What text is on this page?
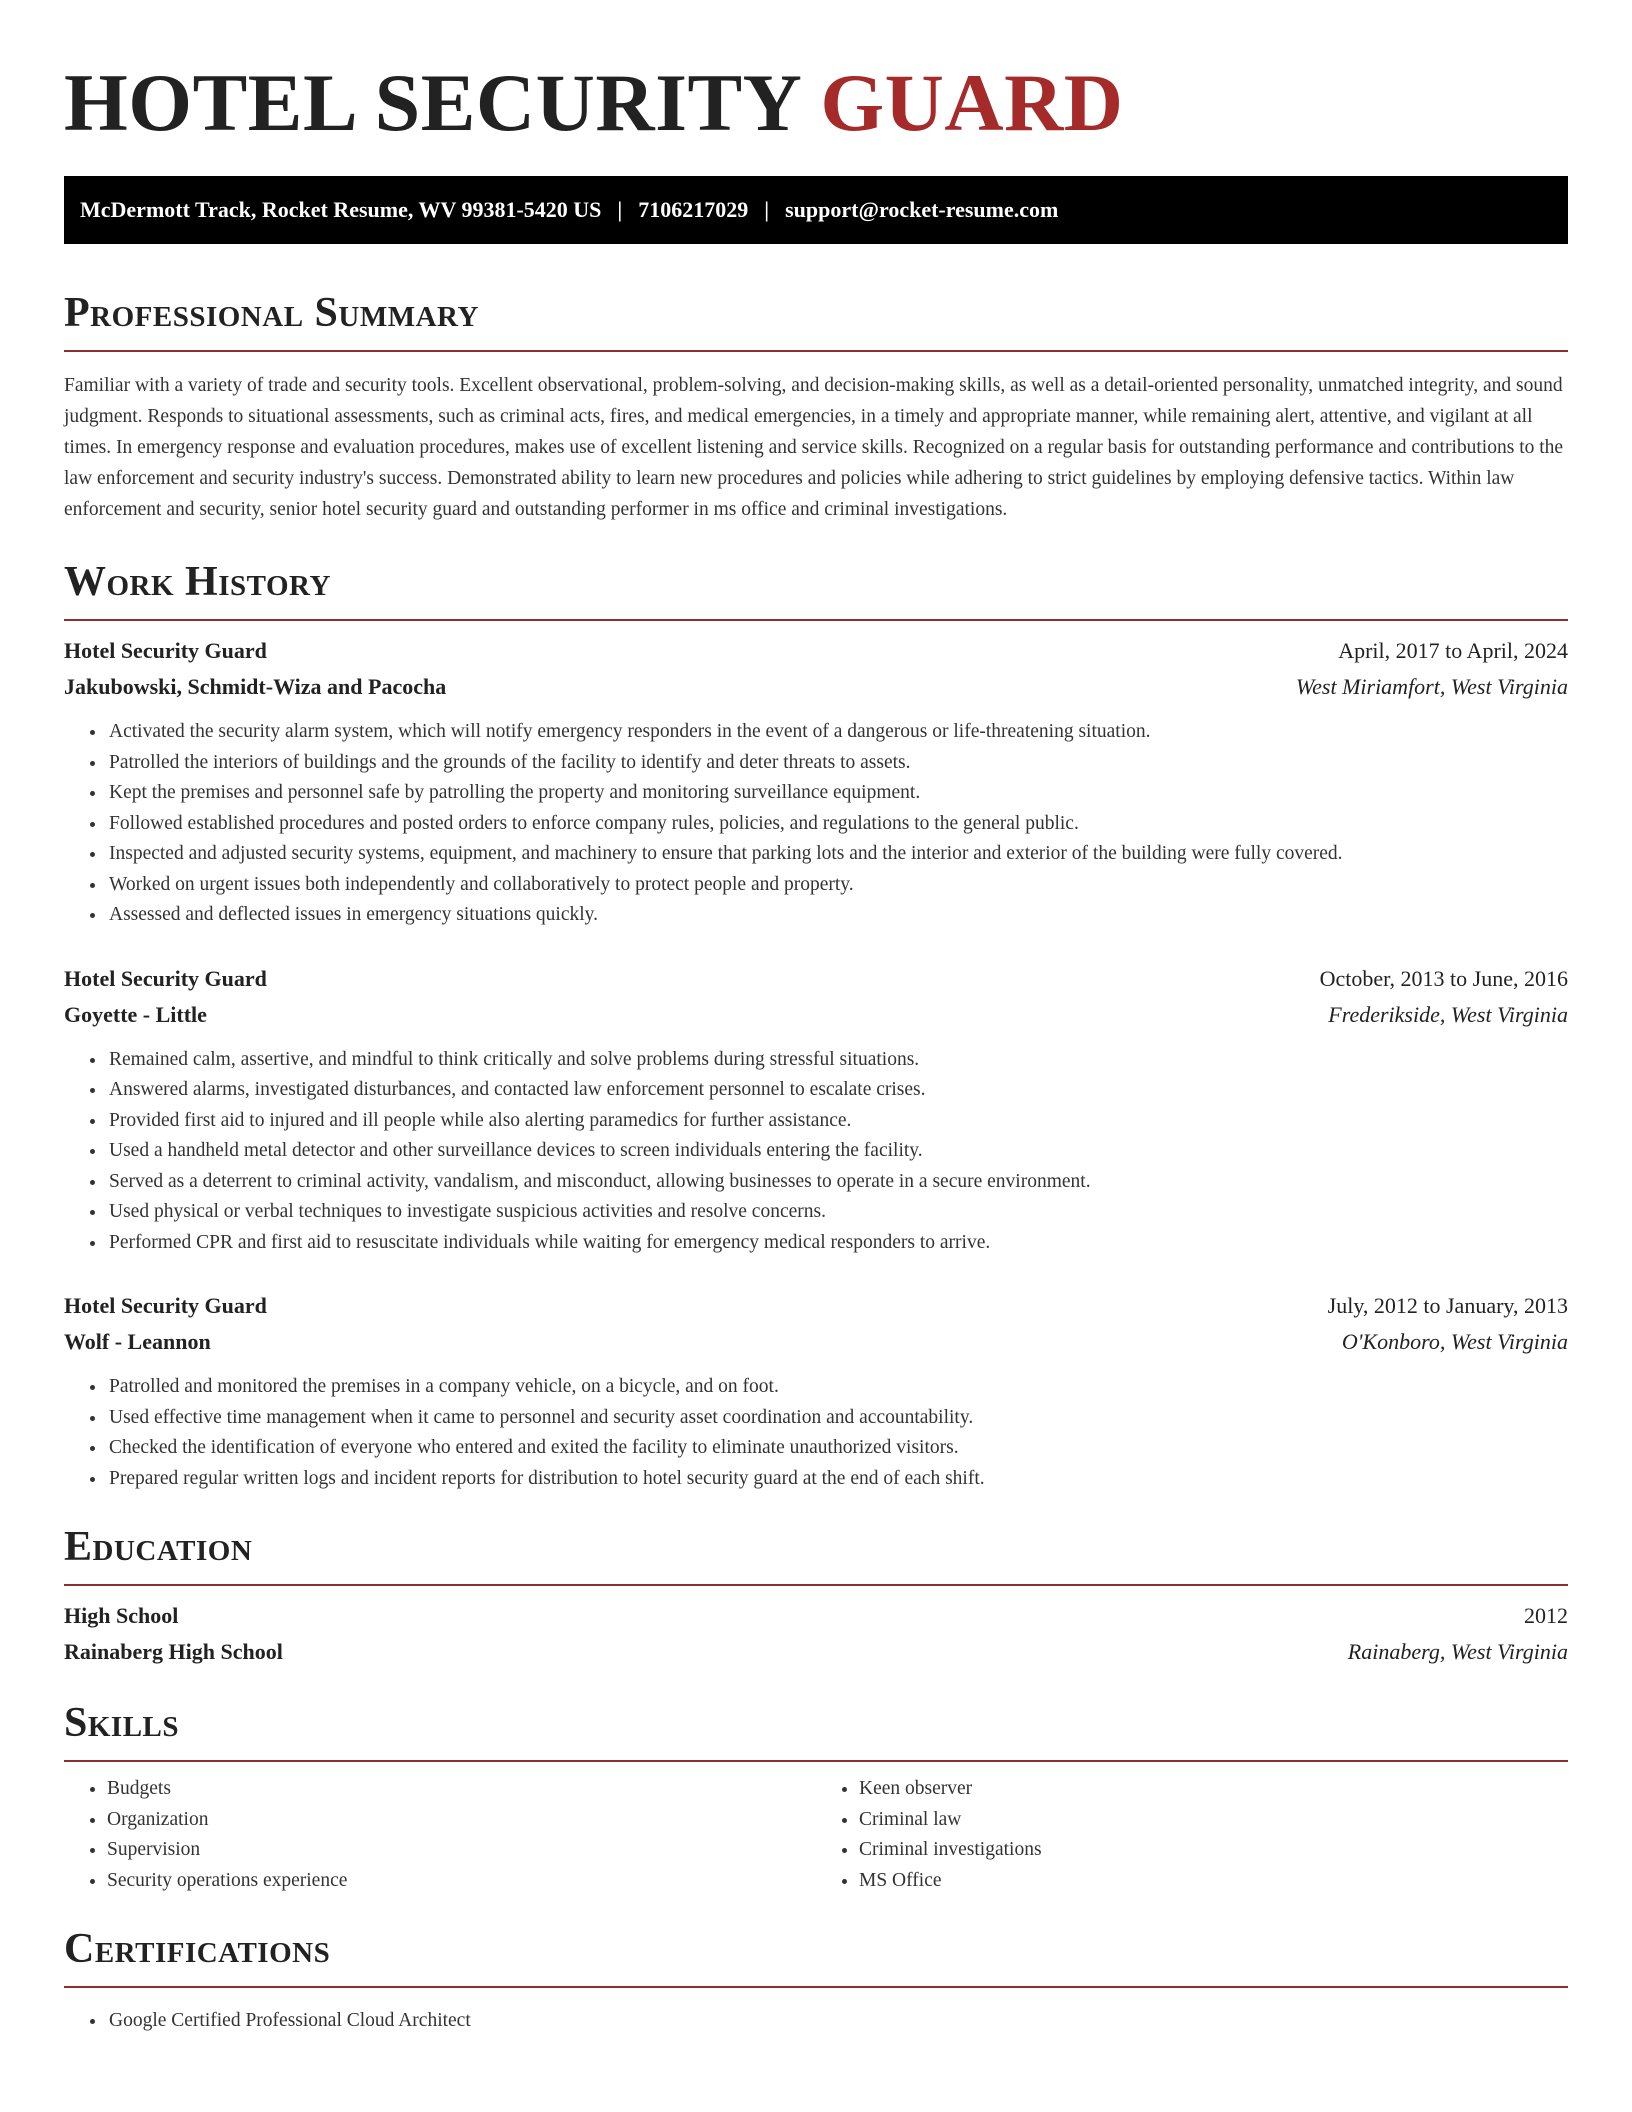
HOTEL SECURITY GUARD
McDermott Track, Rocket Resume, WV 99381-5420 US | 7106217029 | support@rocket-resume.com
Professional Summary

Familiar with a variety of trade and security tools. Excellent observational, problem-solving, and decision-making skills, as well as a detail-oriented personality, unmatched integrity, and sound judgment. Responds to situational assessments, such as criminal acts, fires, and medical emergencies, in a timely and appropriate manner, while remaining alert, attentive, and vigilant at all times. In emergency response and evaluation procedures, makes use of excellent listening and service skills. Recognized on a regular basis for outstanding performance and contributions to the law enforcement and security industry's success. Demonstrated ability to learn new procedures and policies while adhering to strict guidelines by employing defensive tactics. Within law enforcement and security, senior hotel security guard and outstanding performer in ms office and criminal investigations.

Work History
Hotel Security Guard	April, 2017 to April, 2024
Jakubowski, Schmidt-Wiza and Pacocha	West Miriamfort, West Virginia
• Activated the security alarm system, which will notify emergency responders in the event of a dangerous or life-threatening situation.
• Patrolled the interiors of buildings and the grounds of the facility to identify and deter threats to assets.
• Kept the premises and personnel safe by patrolling the property and monitoring surveillance equipment.
• Followed established procedures and posted orders to enforce company rules, policies, and regulations to the general public.
• Inspected and adjusted security systems, equipment, and machinery to ensure that parking lots and the interior and exterior of the building were fully covered.
• Worked on urgent issues both independently and collaboratively to protect people and property.
• Assessed and deflected issues in emergency situations quickly.
Hotel Security Guard	October, 2013 to June, 2016
Goyette - Little	Frederikside, West Virginia
• Remained calm, assertive, and mindful to think critically and solve problems during stressful situations.
• Answered alarms, investigated disturbances, and contacted law enforcement personnel to escalate crises.
• Provided first aid to injured and ill people while also alerting paramedics for further assistance.
• Used a handheld metal detector and other surveillance devices to screen individuals entering the facility.
• Served as a deterrent to criminal activity, vandalism, and misconduct, allowing businesses to operate in a secure environment.
• Used physical or verbal techniques to investigate suspicious activities and resolve concerns.
• Performed CPR and first aid to resuscitate individuals while waiting for emergency medical responders to arrive.
Hotel Security Guard	July, 2012 to January, 2013
Wolf - Leannon	O'Konboro, West Virginia
• Patrolled and monitored the premises in a company vehicle, on a bicycle, and on foot.
• Used effective time management when it came to personnel and security asset coordination and accountability.
• Checked the identification of everyone who entered and exited the facility to eliminate unauthorized visitors.
• Prepared regular written logs and incident reports for distribution to hotel security guard at the end of each shift.
Education
High School	2012
Rainaberg High School	Rainaberg, West Virginia
Skills
• Budgets
• Organization
• Supervision
• Security operations experience
• Keen observer
• Criminal law
• Criminal investigations
• MS Office
Certifications
• Google Certified Professional Cloud Architect
